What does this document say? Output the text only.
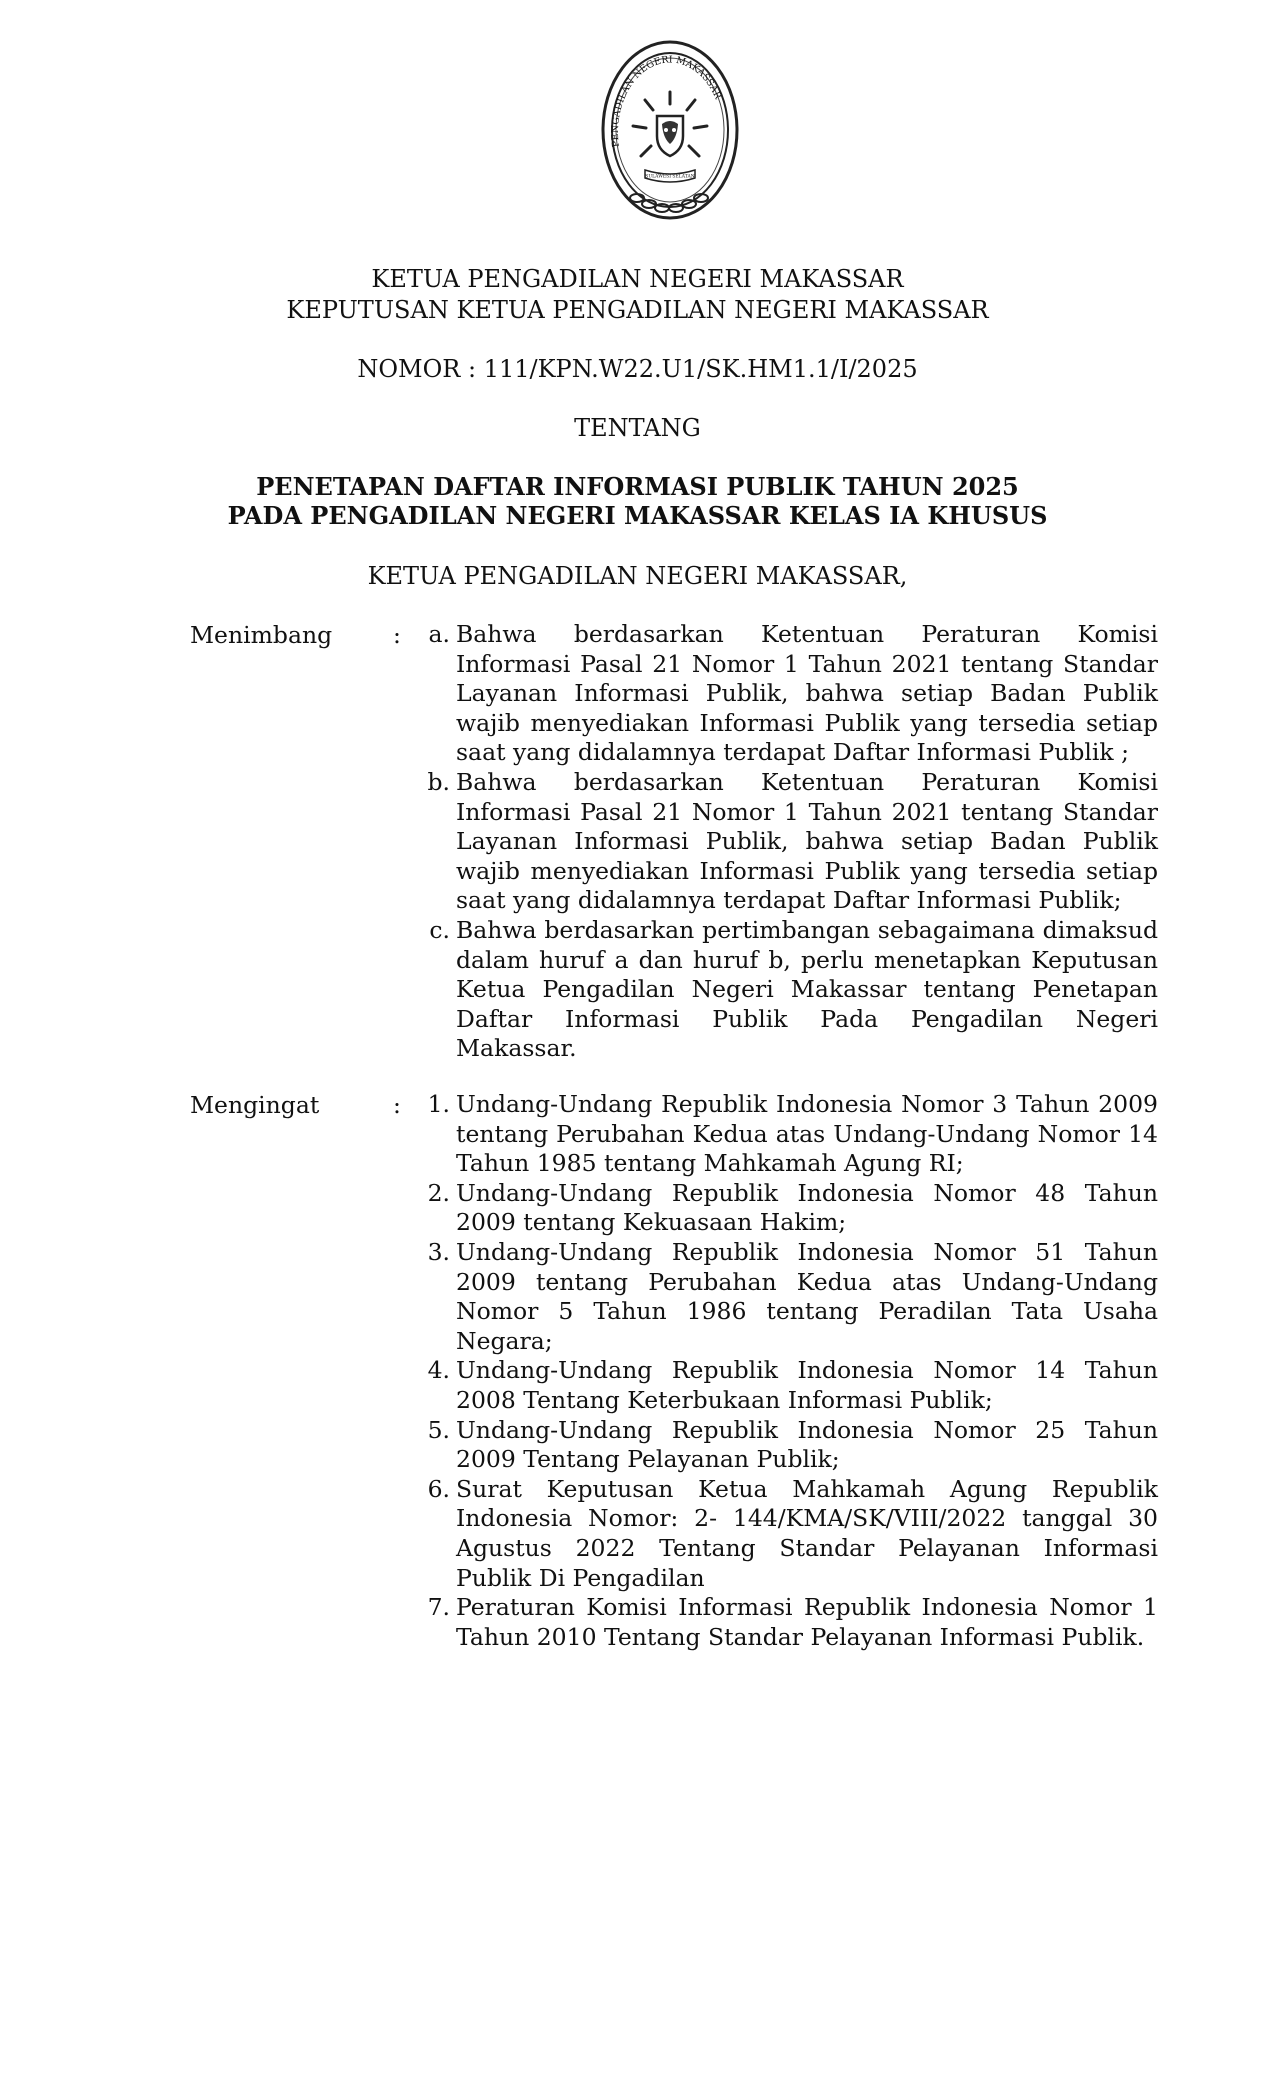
PENGADILAN NEGERI MAKASSAR
SULAWESI SELATAN
KETUA PENGADILAN NEGERI MAKASSAR
KEPUTUSAN KETUA PENGADILAN NEGERI MAKASSAR
NOMOR : 111/KPN.W22.U1/SK.HM1.1/I/2025
TENTANG
PENETAPAN DAFTAR INFORMASI PUBLIK TAHUN 2025
PADA PENGADILAN NEGERI MAKASSAR KELAS IA KHUSUS
KETUA PENGADILAN NEGERI MAKASSAR,
Menimbang	:	a. Bahwa berdasarkan Ketentuan Peraturan Komisi Informasi Pasal 21 Nomor 1 Tahun 2021 tentang Standar Layanan Informasi Publik, bahwa setiap Badan Publik wajib menyediakan Informasi Publik yang tersedia setiap saat yang didalamnya terdapat Daftar Informasi Publik ;
b. Bahwa berdasarkan Ketentuan Peraturan Komisi Informasi Pasal 21 Nomor 1 Tahun 2021 tentang Standar Layanan Informasi Publik, bahwa setiap Badan Publik wajib menyediakan Informasi Publik yang tersedia setiap saat yang didalamnya terdapat Daftar Informasi Publik;
c. Bahwa berdasarkan pertimbangan sebagaimana dimaksud dalam huruf a dan huruf b, perlu menetapkan Keputusan Ketua Pengadilan Negeri Makassar tentang Penetapan Daftar Informasi Publik Pada Pengadilan Negeri Makassar.
Mengingat	:	1. Undang-Undang Republik Indonesia Nomor 3 Tahun 2009 tentang Perubahan Kedua atas Undang-Undang Nomor 14 Tahun 1985 tentang Mahkamah Agung RI;
2. Undang-Undang Republik Indonesia Nomor 48 Tahun 2009 tentang Kekuasaan Hakim;
3. Undang-Undang Republik Indonesia Nomor 51 Tahun 2009 tentang Perubahan Kedua atas Undang-Undang Nomor 5 Tahun 1986 tentang Peradilan Tata Usaha Negara;
4. Undang-Undang Republik Indonesia Nomor 14 Tahun 2008 Tentang Keterbukaan Informasi Publik;
5. Undang-Undang Republik Indonesia Nomor 25 Tahun 2009 Tentang Pelayanan Publik;
6. Surat Keputusan Ketua Mahkamah Agung Republik Indonesia Nomor: 2- 144/KMA/SK/VIII/2022 tanggal 30 Agustus 2022 Tentang Standar Pelayanan Informasi Publik Di Pengadilan
7. Peraturan Komisi Informasi Republik Indonesia Nomor 1 Tahun 2010 Tentang Standar Pelayanan Informasi Publik.
